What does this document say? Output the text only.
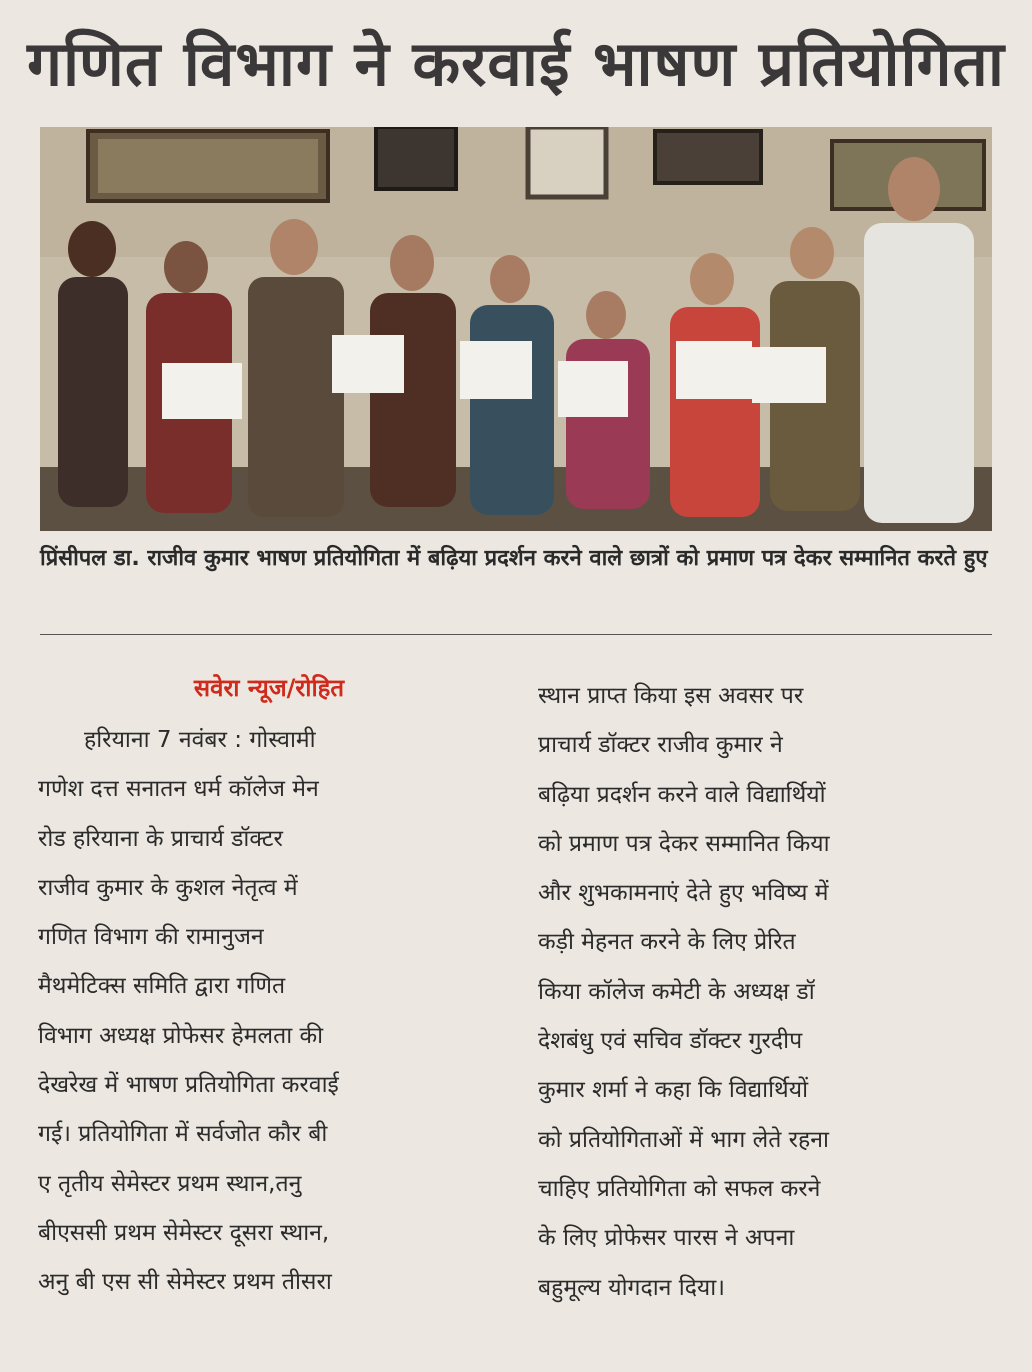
गणित विभाग ने करवाई भाषण प्रतियोगिता
प्रिंसीपल डा. राजीव कुमार भाषण प्रतियोगिता में बढ़िया प्रदर्शन करने वाले छात्रों को प्रमाण पत्र देकर सम्मानित करते हुए
सवेरा न्यूज/रोहित
हरियाना 7 नवंबर : गोस्वामी
गणेश दत्त सनातन धर्म कॉलेज मेन
रोड हरियाना के प्राचार्य डॉक्टर
राजीव कुमार के कुशल नेतृत्व में
गणित विभाग की रामानुजन
मैथमेटिक्स समिति द्वारा गणित
विभाग अध्यक्ष प्रोफेसर हेमलता की
देखरेख में भाषण प्रतियोगिता करवाई
गई। प्रतियोगिता में सर्वजोत कौर बी
ए तृतीय सेमेस्टर प्रथम स्थान,तनु
बीएससी प्रथम सेमेस्टर दूसरा स्थान,
अनु बी एस सी सेमेस्टर प्रथम तीसरा
स्थान प्राप्त किया इस अवसर पर
प्राचार्य डॉक्टर राजीव कुमार ने
बढ़िया प्रदर्शन करने वाले विद्यार्थियों
को प्रमाण पत्र देकर सम्मानित किया
और शुभकामनाएं देते हुए भविष्य में
कड़ी मेहनत करने के लिए प्रेरित
किया कॉलेज कमेटी के अध्यक्ष डॉ
देशबंधु एवं सचिव डॉक्टर गुरदीप
कुमार शर्मा ने कहा कि विद्यार्थियों
को प्रतियोगिताओं में भाग लेते रहना
चाहिए प्रतियोगिता को सफल करने
के लिए प्रोफेसर पारस ने अपना
बहुमूल्य योगदान दिया।
